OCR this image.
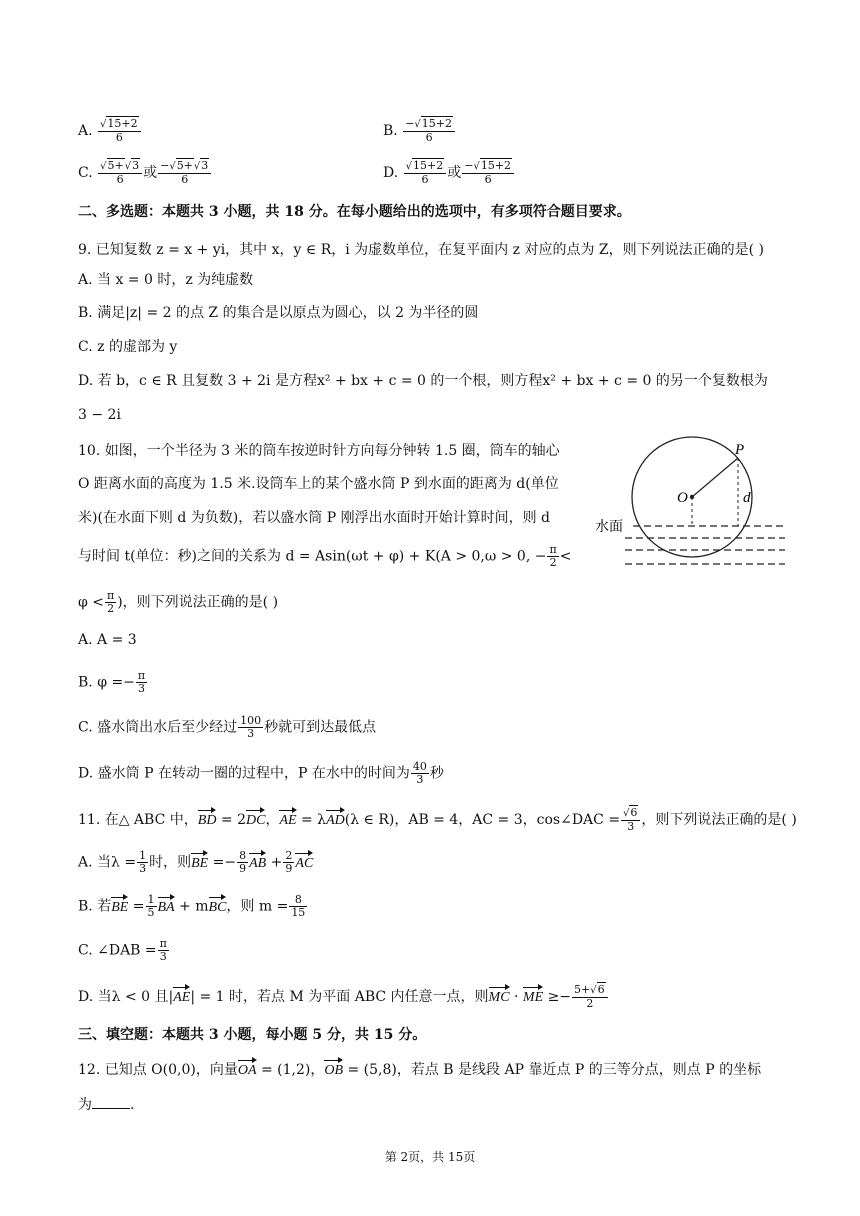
A. $\frac{√15+2}{6}$	B. $\frac{-√15+2}{6}$
C. $\frac{√5+√3}{6}$ 或 $\frac{-√5+√3}{6}$	D. $\frac{√15+2}{6}$ 或 $\frac{-√15+2}{6}$
二、多选题：本题共 3 小题，共 18 分。在每小题给出的选项中，有多项符合题目要求。
9. 已知复数 z = x + yi，其中 x，y ∈ R，i 为虚数单位，在复平面内 z 对应的点为 Z，则下列说法正确的是( )
A. 当 x = 0 时，z 为纯虚数
B. 满足|z| = 2 的点 Z 的集合是以原点为圆心，以 2 为半径的圆
C. z 的虚部为 y
D. 若 b，c ∈ R 且复数 3 + 2i 是方程x² + bx + c = 0 的一个根，则方程x² + bx + c = 0 的另一个复数根为
3 − 2i
10. 如图，一个半径为 3 米的筒车按逆时针方向每分钟转 1.5 圈，筒车的轴心
O 距离水面的高度为 1.5 米.设筒车上的某个盛水筒 P 到水面的距离为 d(单位
米)(在水面下则 d 为负数)，若以盛水筒 P 刚浮出水面时开始计算时间，则 d
与时间 t(单位：秒)之间的关系为 d = Asin(ωt + φ) + K(A > 0,ω > 0, − $\frac{\pi}{2}$ <
$\varphi < \frac{\pi}{2}$ )，则下列说法正确的是( )
A. A = 3
B. $\varphi =- \frac{\pi}{3}$
C. 盛水筒出水后至少经过 $\frac{100}{3}$ 秒就可到达最低点
D. 盛水筒 P 在转动一圈的过程中，P 在水中的时间为 $\frac{40}{3}$ 秒
P
O	d
水面
11. 在△ ABC 中，BD = 2DC，AE = λAD(λ ∈ R)，AB = 4，AC = 3，cos∠DAC = $\frac{√6}{3}$ ，则下列说法正确的是( )
A. 当$\lambda = \frac{1}{3}$ 时，则BE =− $\frac{8}{9}$ AB + $\frac{2}{9}$ AC
B. 若BE = $\frac{1}{5}$ BA + mBC，则 $m = \frac{8}{15}$
C. ∠DAB = $\frac{\pi}{3}$
D. 当λ < 0 且|AE| = 1 时，若点 M 为平面 ABC 内任意一点，则MC · ME ≥− $\frac{5+√6}{2}$
三、填空题：本题共 3 小题，每小题 5 分，共 15 分。
12. 已知点 O(0,0)，向量OA = (1,2)，OB = (5,8)，若点 B 是线段 AP 靠近点 P 的三等分点，则点 P 的坐标
为	.
第 2页，共 15页
